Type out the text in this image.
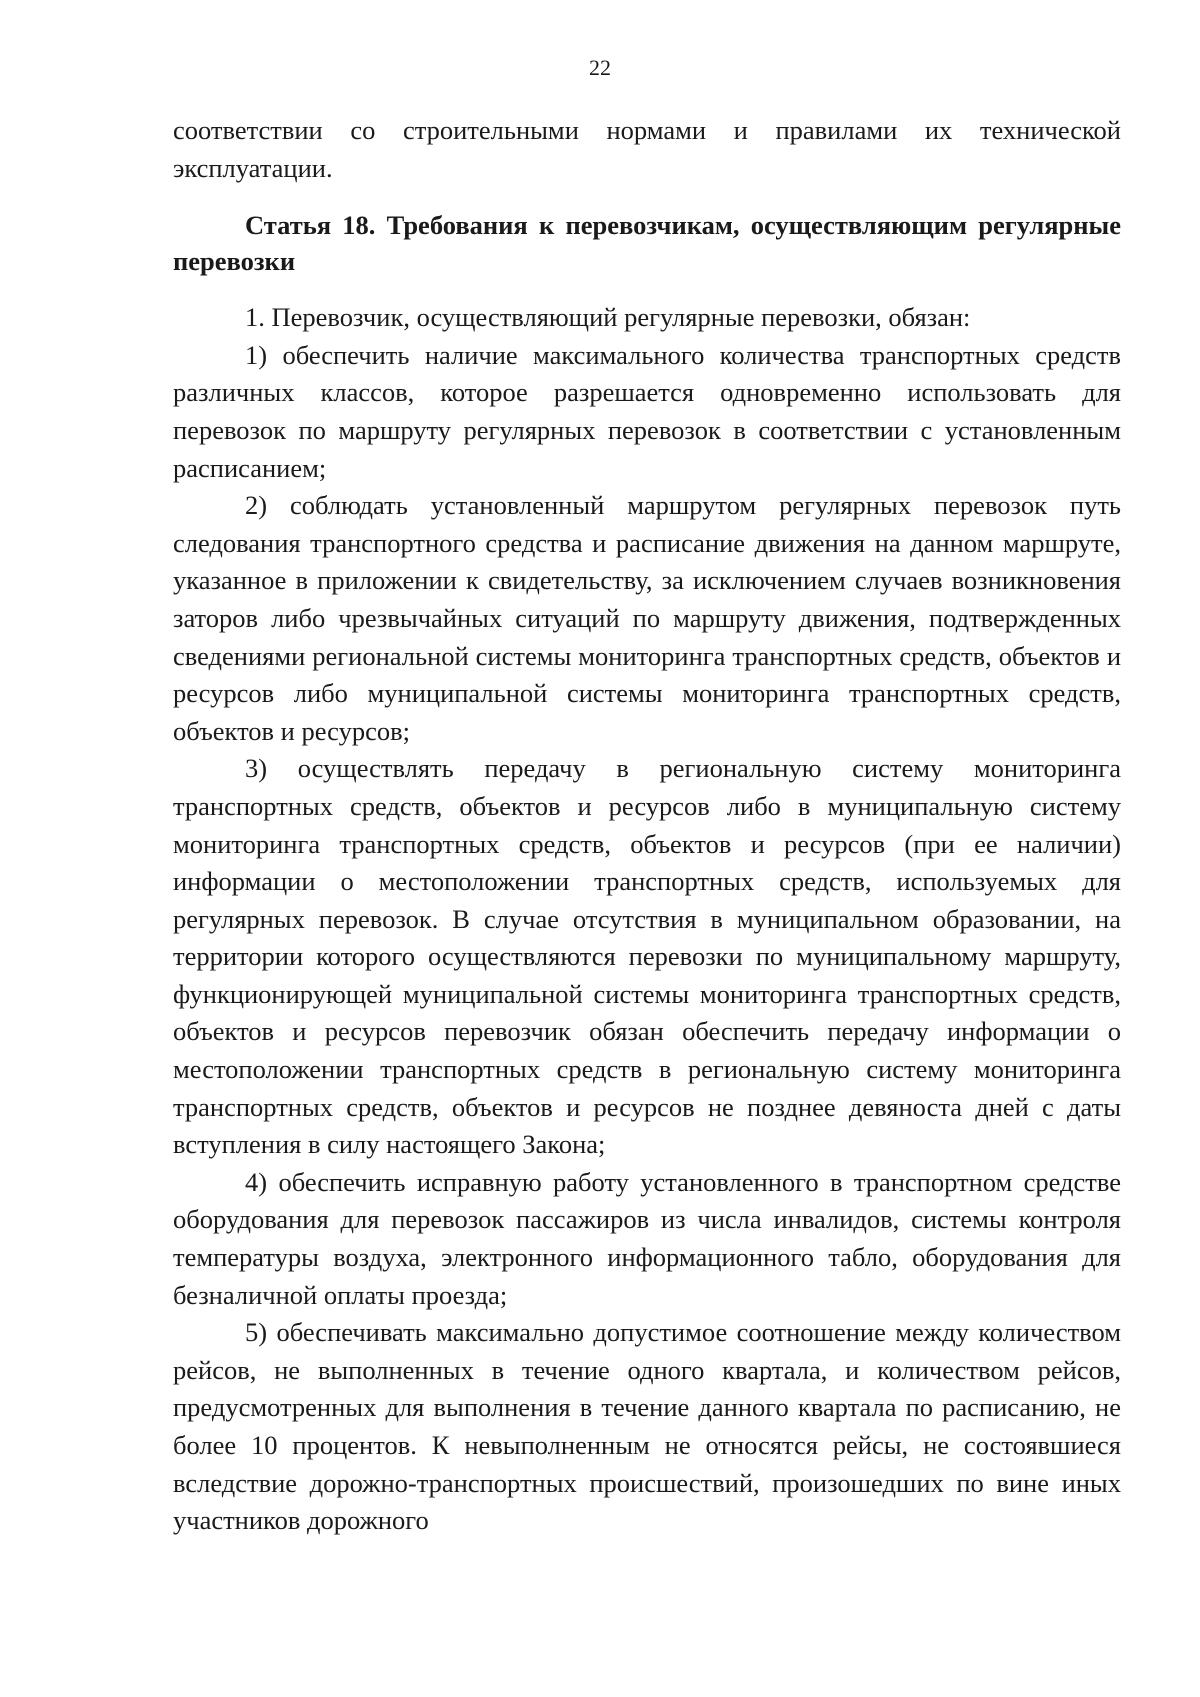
22

соответствии со строительными нормами и правилами их технической эксплуатации.

Статья 18. Требования к перевозчикам, осуществляющим регулярные перевозки

1. Перевозчик, осуществляющий регулярные перевозки, обязан:

1) обеспечить наличие максимального количества транспортных средств различных классов, которое разрешается одновременно использовать для перевозок по маршруту регулярных перевозок в соответствии с установленным расписанием;

2) соблюдать установленный маршрутом регулярных перевозок путь следования транспортного средства и расписание движения на данном маршруте, указанное в приложении к свидетельству, за исключением случаев возникновения заторов либо чрезвычайных ситуаций по маршруту движения, подтвержденных сведениями региональной системы мониторинга транспортных средств, объектов и ресурсов либо муниципальной системы мониторинга транспортных средств, объектов и ресурсов;

3) осуществлять передачу в региональную систему мониторинга транспортных средств, объектов и ресурсов либо в муниципальную систему мониторинга транспортных средств, объектов и ресурсов (при ее наличии) информации о местоположении транспортных средств, используемых для регулярных перевозок. В случае отсутствия в муниципальном образовании, на территории которого осуществляются перевозки по муниципальному маршруту, функционирующей муниципальной системы мониторинга транспортных средств, объектов и ресурсов перевозчик обязан обеспечить передачу информации о местоположении транспортных средств в региональную систему мониторинга транспортных средств, объектов и ресурсов не позднее девяноста дней с даты вступления в силу настоящего Закона;

4) обеспечить исправную работу установленного в транспортном средстве оборудования для перевозок пассажиров из числа инвалидов, системы контроля температуры воздуха, электронного информационного табло, оборудования для безналичной оплаты проезда;

5) обеспечивать максимально допустимое соотношение между количеством рейсов, не выполненных в течение одного квартала, и количеством рейсов, предусмотренных для выполнения в течение данного квартала по расписанию, не более 10 процентов. К невыполненным не относятся рейсы, не состоявшиеся вследствие дорожно-транспортных происшествий, произошедших по вине иных участников дорожного
